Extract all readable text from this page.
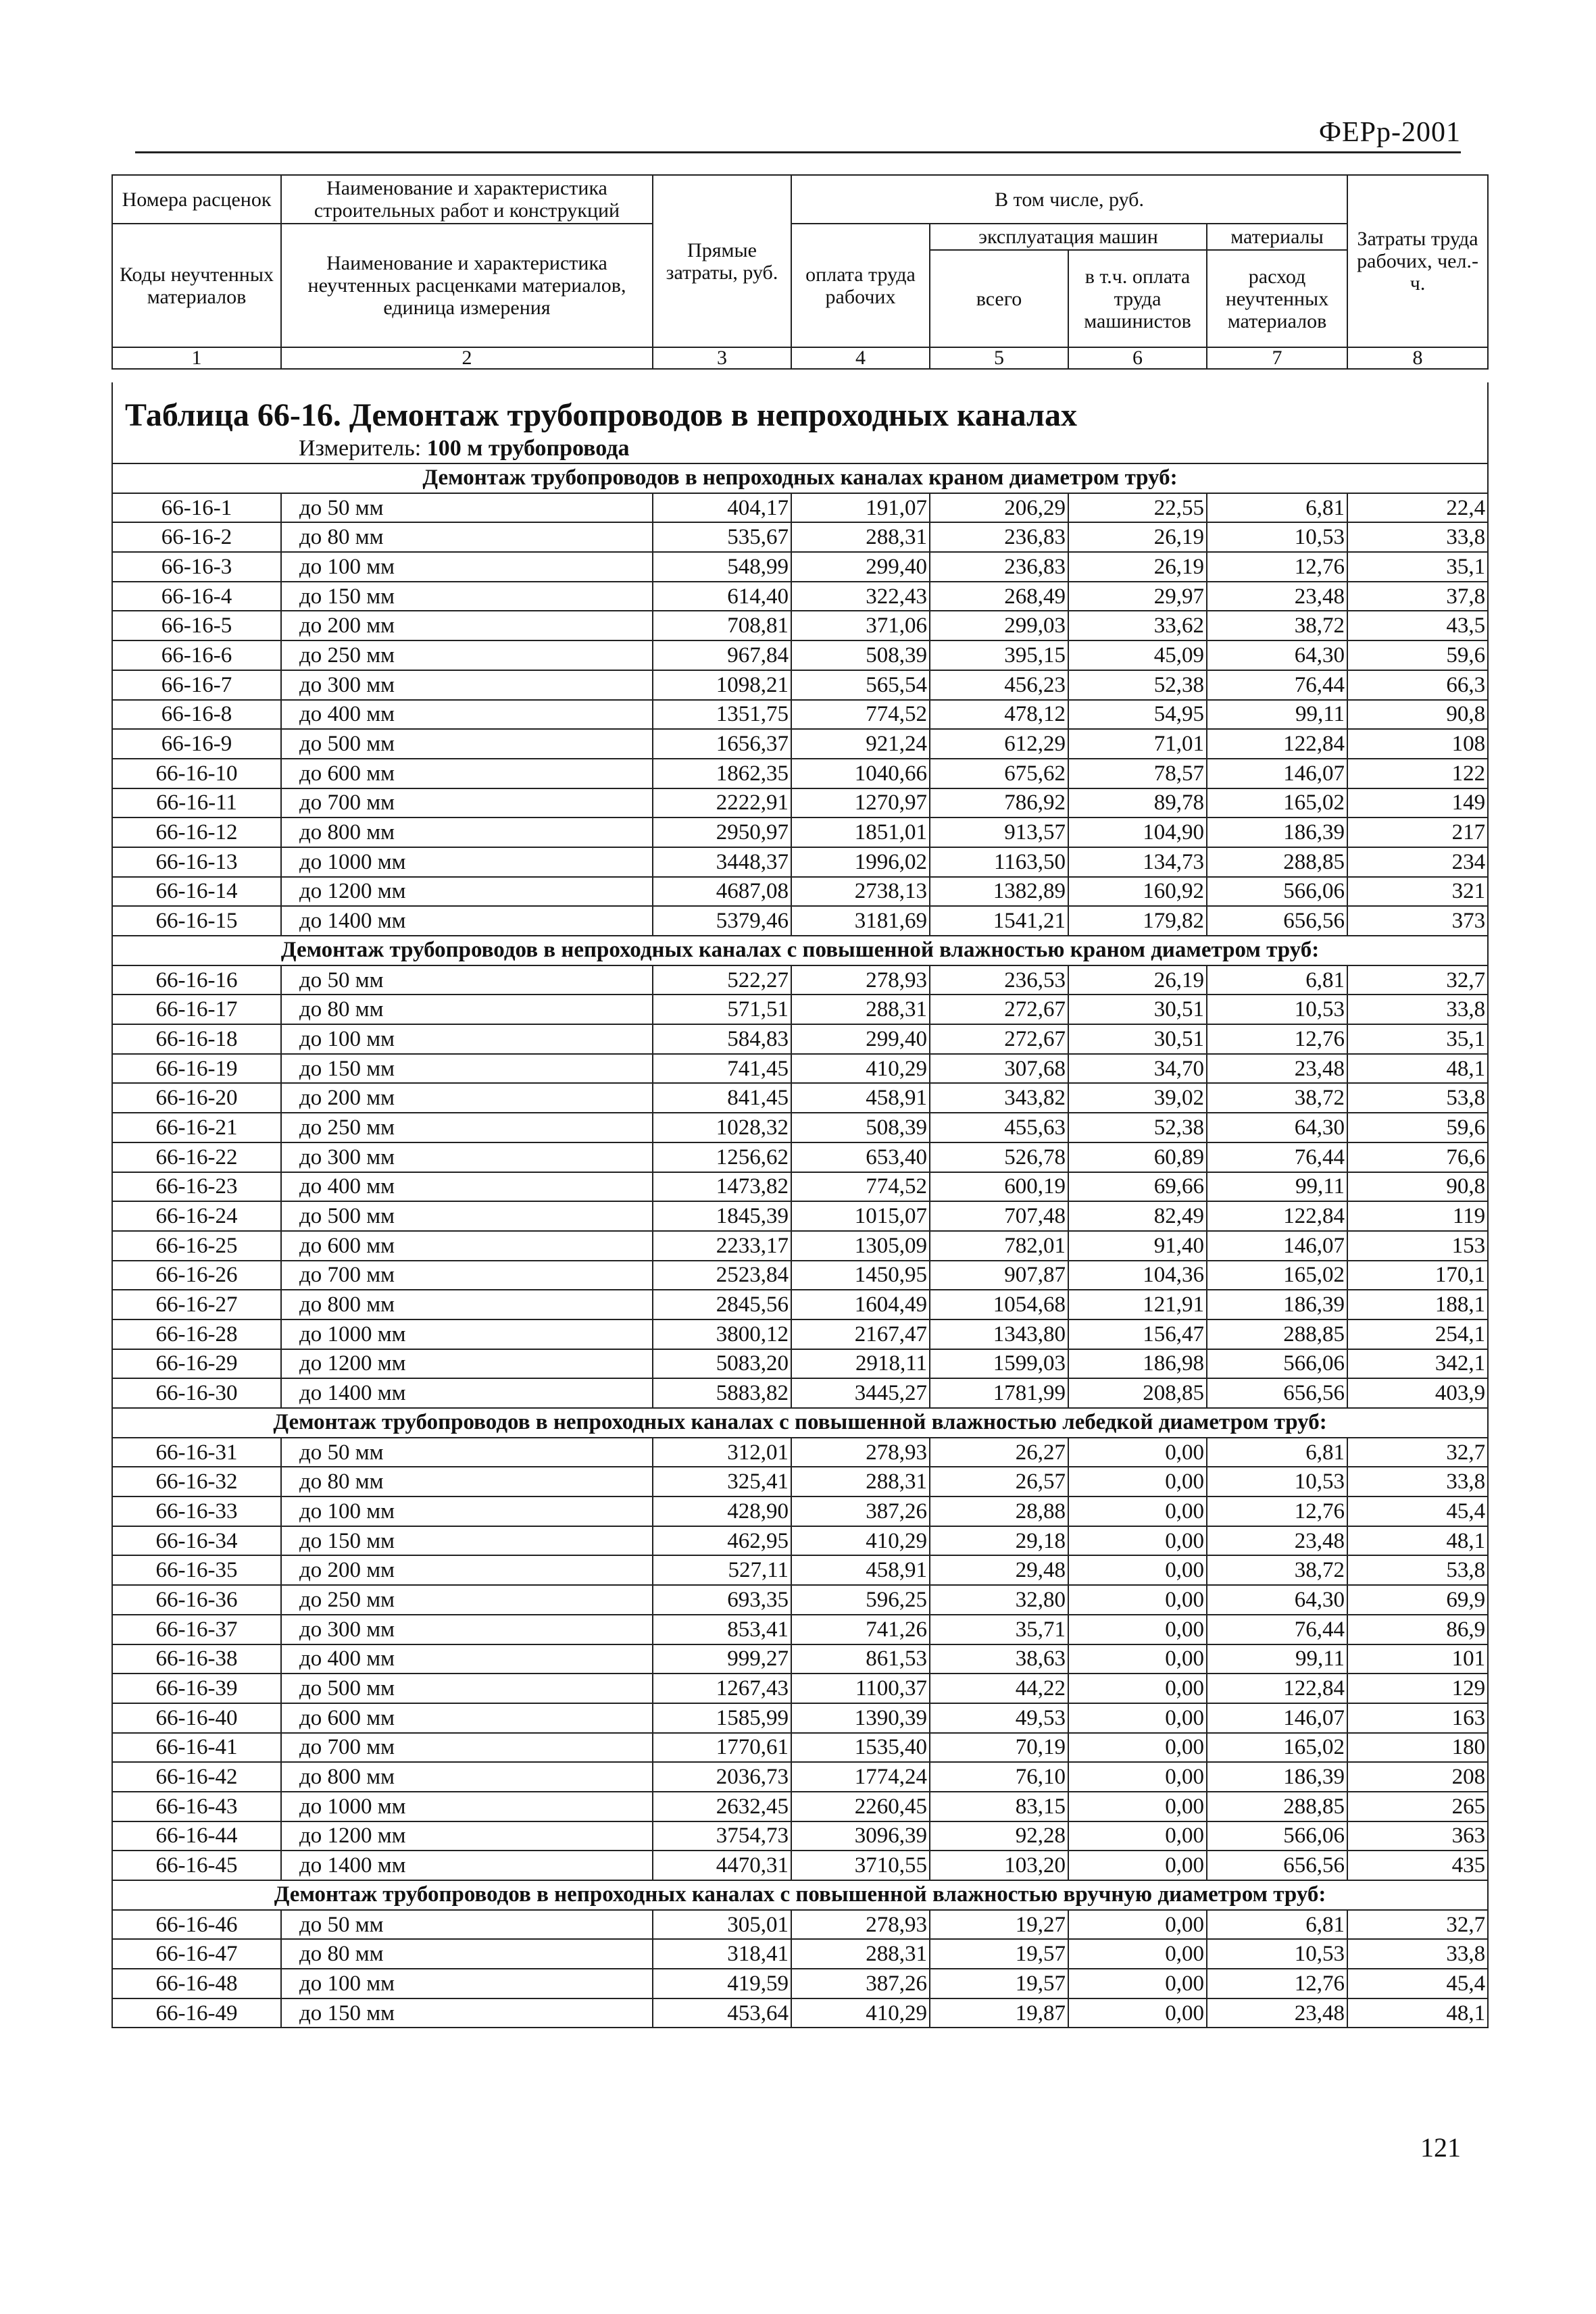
ФЕРр-2001
Номера расценок	Наименование и характеристика строительных работ и конструкций	Прямые затраты, руб.	В том числе, руб.				Затраты труда рабочих, чел.-ч.
Коды неучтенных материалов	Наименование и характеристика неучтенных расценками материалов, единица измерения		оплата труда рабочих	эксплуатация машин		материалы	
				всего	в т.ч. оплата труда машинистов	расход неучтенных материалов	

1	2	3	4	5	6	7	8
Таблица 66-16. Демонтаж трубопроводов в непроходных каналах							
Измеритель: 100 м трубопровода							
Демонтаж трубопроводов в непроходных каналах краном диаметром труб:							
66-16-1	до 50 мм	404,17	191,07	206,29	22,55	6,81	22,4
66-16-2	до 80 мм	535,67	288,31	236,83	26,19	10,53	33,8
66-16-3	до 100 мм	548,99	299,40	236,83	26,19	12,76	35,1
66-16-4	до 150 мм	614,40	322,43	268,49	29,97	23,48	37,8
66-16-5	до 200 мм	708,81	371,06	299,03	33,62	38,72	43,5
66-16-6	до 250 мм	967,84	508,39	395,15	45,09	64,30	59,6
66-16-7	до 300 мм	1098,21	565,54	456,23	52,38	76,44	66,3
66-16-8	до 400 мм	1351,75	774,52	478,12	54,95	99,11	90,8
66-16-9	до 500 мм	1656,37	921,24	612,29	71,01	122,84	108
66-16-10	до 600 мм	1862,35	1040,66	675,62	78,57	146,07	122
66-16-11	до 700 мм	2222,91	1270,97	786,92	89,78	165,02	149
66-16-12	до 800 мм	2950,97	1851,01	913,57	104,90	186,39	217
66-16-13	до 1000 мм	3448,37	1996,02	1163,50	134,73	288,85	234
66-16-14	до 1200 мм	4687,08	2738,13	1382,89	160,92	566,06	321
66-16-15	до 1400 мм	5379,46	3181,69	1541,21	179,82	656,56	373
Демонтаж трубопроводов в непроходных каналах с повышенной влажностью краном диаметром труб:							
66-16-16	до 50 мм	522,27	278,93	236,53	26,19	6,81	32,7
66-16-17	до 80 мм	571,51	288,31	272,67	30,51	10,53	33,8
66-16-18	до 100 мм	584,83	299,40	272,67	30,51	12,76	35,1
66-16-19	до 150 мм	741,45	410,29	307,68	34,70	23,48	48,1
66-16-20	до 200 мм	841,45	458,91	343,82	39,02	38,72	53,8
66-16-21	до 250 мм	1028,32	508,39	455,63	52,38	64,30	59,6
66-16-22	до 300 мм	1256,62	653,40	526,78	60,89	76,44	76,6
66-16-23	до 400 мм	1473,82	774,52	600,19	69,66	99,11	90,8
66-16-24	до 500 мм	1845,39	1015,07	707,48	82,49	122,84	119
66-16-25	до 600 мм	2233,17	1305,09	782,01	91,40	146,07	153
66-16-26	до 700 мм	2523,84	1450,95	907,87	104,36	165,02	170,1
66-16-27	до 800 мм	2845,56	1604,49	1054,68	121,91	186,39	188,1
66-16-28	до 1000 мм	3800,12	2167,47	1343,80	156,47	288,85	254,1
66-16-29	до 1200 мм	5083,20	2918,11	1599,03	186,98	566,06	342,1
66-16-30	до 1400 мм	5883,82	3445,27	1781,99	208,85	656,56	403,9
Демонтаж трубопроводов в непроходных каналах с повышенной влажностью лебедкой диаметром труб:							
66-16-31	до 50 мм	312,01	278,93	26,27	0,00	6,81	32,7
66-16-32	до 80 мм	325,41	288,31	26,57	0,00	10,53	33,8
66-16-33	до 100 мм	428,90	387,26	28,88	0,00	12,76	45,4
66-16-34	до 150 мм	462,95	410,29	29,18	0,00	23,48	48,1
66-16-35	до 200 мм	527,11	458,91	29,48	0,00	38,72	53,8
66-16-36	до 250 мм	693,35	596,25	32,80	0,00	64,30	69,9
66-16-37	до 300 мм	853,41	741,26	35,71	0,00	76,44	86,9
66-16-38	до 400 мм	999,27	861,53	38,63	0,00	99,11	101
66-16-39	до 500 мм	1267,43	1100,37	44,22	0,00	122,84	129
66-16-40	до 600 мм	1585,99	1390,39	49,53	0,00	146,07	163
66-16-41	до 700 мм	1770,61	1535,40	70,19	0,00	165,02	180
66-16-42	до 800 мм	2036,73	1774,24	76,10	0,00	186,39	208
66-16-43	до 1000 мм	2632,45	2260,45	83,15	0,00	288,85	265
66-16-44	до 1200 мм	3754,73	3096,39	92,28	0,00	566,06	363
66-16-45	до 1400 мм	4470,31	3710,55	103,20	0,00	656,56	435
Демонтаж трубопроводов в непроходных каналах с повышенной влажностью вручную диаметром труб:							
66-16-46	до 50 мм	305,01	278,93	19,27	0,00	6,81	32,7
66-16-47	до 80 мм	318,41	288,31	19,57	0,00	10,53	33,8
66-16-48	до 100 мм	419,59	387,26	19,57	0,00	12,76	45,4
66-16-49	до 150 мм	453,64	410,29	19,87	0,00	23,48	48,1
121
